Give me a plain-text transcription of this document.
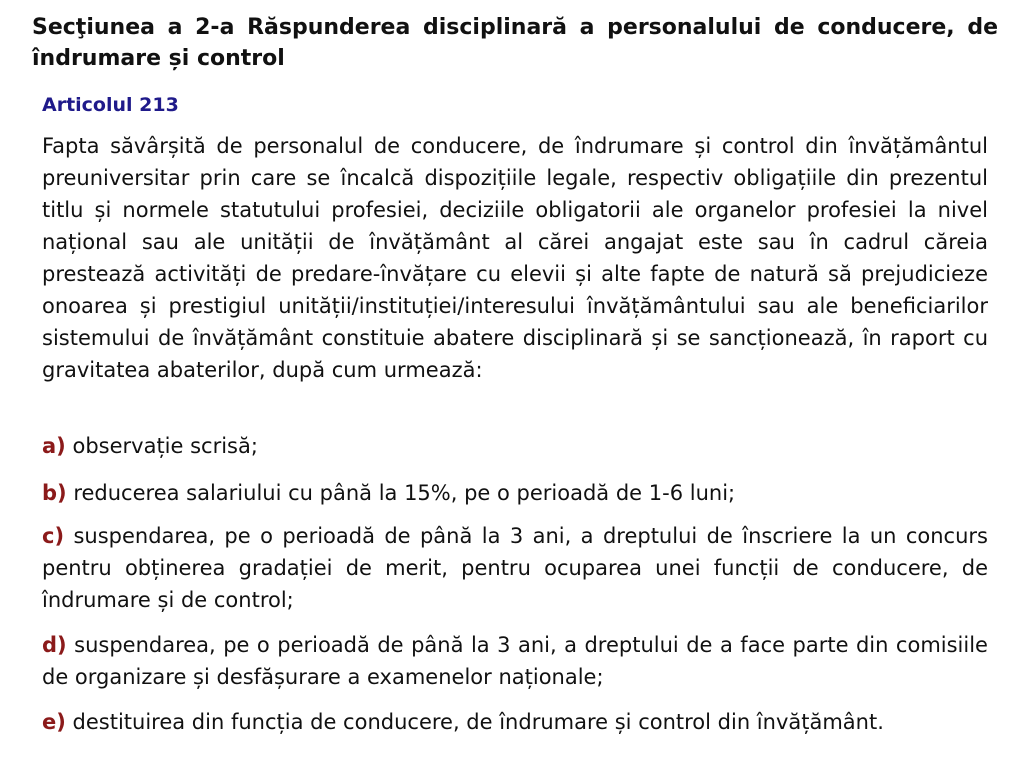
Secţiunea a 2-a Răspunderea disciplinară a personalului de conducere, de îndrumare și control
Articolul 213

Fapta săvârșită de personalul de conducere, de îndrumare și control din învățământul preuniversitar prin care se încalcă dispozițiile legale, respectiv obligațiile din prezentul titlu și normele statutului profesiei, deciziile obligatorii ale organelor profesiei la nivel național sau ale unității de învățământ al cărei angajat este sau în cadrul căreia prestează activități de predare-învățare cu elevii și alte fapte de natură să prejudicieze onoarea și prestigiul unității/instituției/interesului învățământului sau ale beneficiarilor sistemului de învățământ constituie abatere disciplinară și se sancționează, în raport cu gravitatea abaterilor, după cum urmează:

a) observație scrisă;

b) reducerea salariului cu până la 15%, pe o perioadă de 1-6 luni;

c) suspendarea, pe o perioadă de până la 3 ani, a dreptului de înscriere la un concurs pentru obținerea gradației de merit, pentru ocuparea unei funcții de conducere, de îndrumare și de control;

d) suspendarea, pe o perioadă de până la 3 ani, a dreptului de a face parte din comisiile de organizare și desfășurare a examenelor naționale;

e) destituirea din funcția de conducere, de îndrumare și control din învățământ.
